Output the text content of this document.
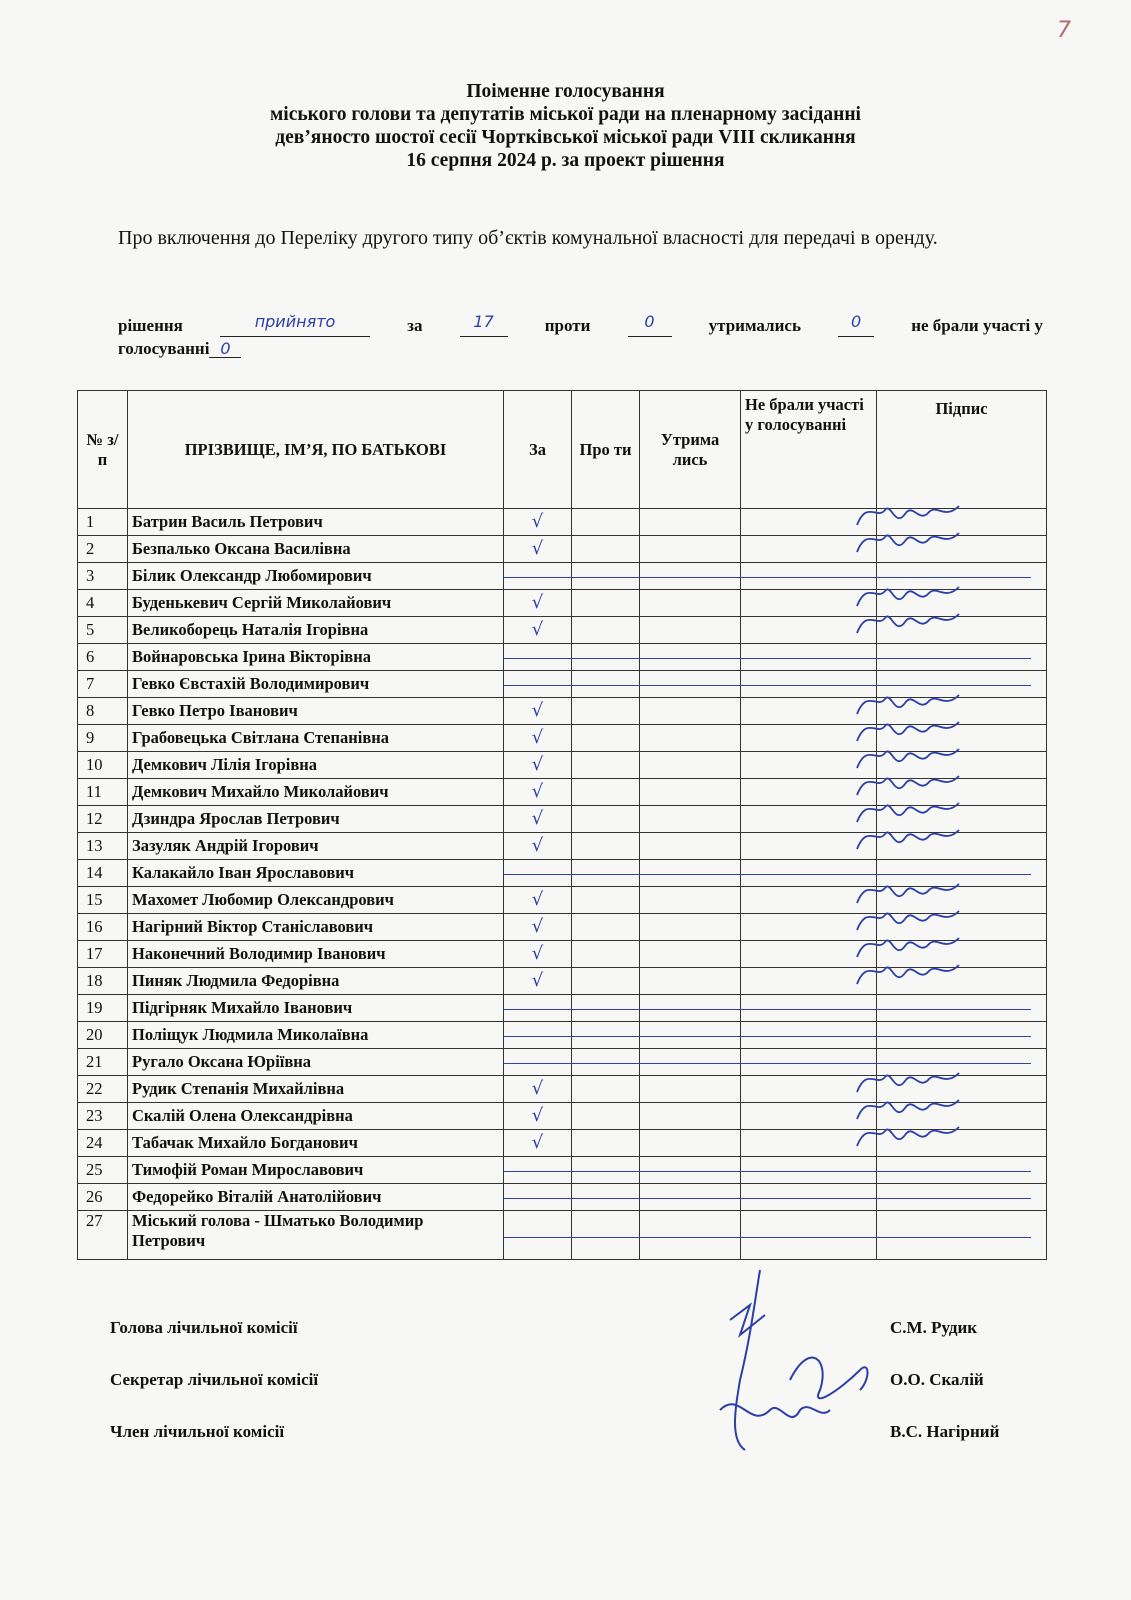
7
Поіменне голосування
міського голови та депутатів міської ради на пленарному засіданні
дев’яносто шостої сесії Чортківської міської ради VIII скликання
16 серпня 2024 р. за проект рішення
Про включення до Переліку другого типу об’єктів комунальної власності для передачі в оренду.
рішення	прийнято	за	17	проти	0	утримались	0	не брали участі у
голосуванні 0
№ з/п	ПРІЗВИЩЕ, ІМ’Я, ПО БАТЬКОВІ	За	Про ти	Утрима лись	Не брали участі у голосуванні	Підпис
1	Батрин Василь Петрович	√				

2	Безпалько Оксана Василівна	√				

3	Білик Олександр Любомирович	

4	Буденькевич Сергій Миколайович	√				

5	Великоборець Наталія Ігорівна	√				

6	Войнаровська Ірина Вікторівна	

7	Гевко Євстахій Володимирович	

8	Гевко Петро Іванович	√				

9	Грабовецька Світлана Степанівна	√				

10	Демкович Лілія Ігорівна	√				

11	Демкович Михайло Миколайович	√				

12	Дзиндра Ярослав Петрович	√				

13	Зазуляк Андрій Ігорович	√				

14	Калакайло Іван Ярославович	

15	Махомет Любомир Олександрович	√				

16	Нагірний Віктор Станіславович	√				

17	Наконечний Володимир Іванович	√				

18	Пиняк Людмила Федорівна	√				

19	Підгірняк Михайло Іванович	

20	Поліщук Людмила Миколаївна	

21	Ругало Оксана Юріївна	

22	Рудик Степанія Михайлівна	√				

23	Скалій Олена Олександрівна	√				

24	Табачак Михайло Богданович	√				

25	Тимофій Роман Мирославович	

26	Федорейко Віталій Анатолійович	

27	Міський голова - Шматько Володимир Петрович	

Голова лічильної комісії	С.М. Рудик
Секретар лічильної комісії	О.О. Скалій
Член лічильної комісії	В.С. Нагірний
